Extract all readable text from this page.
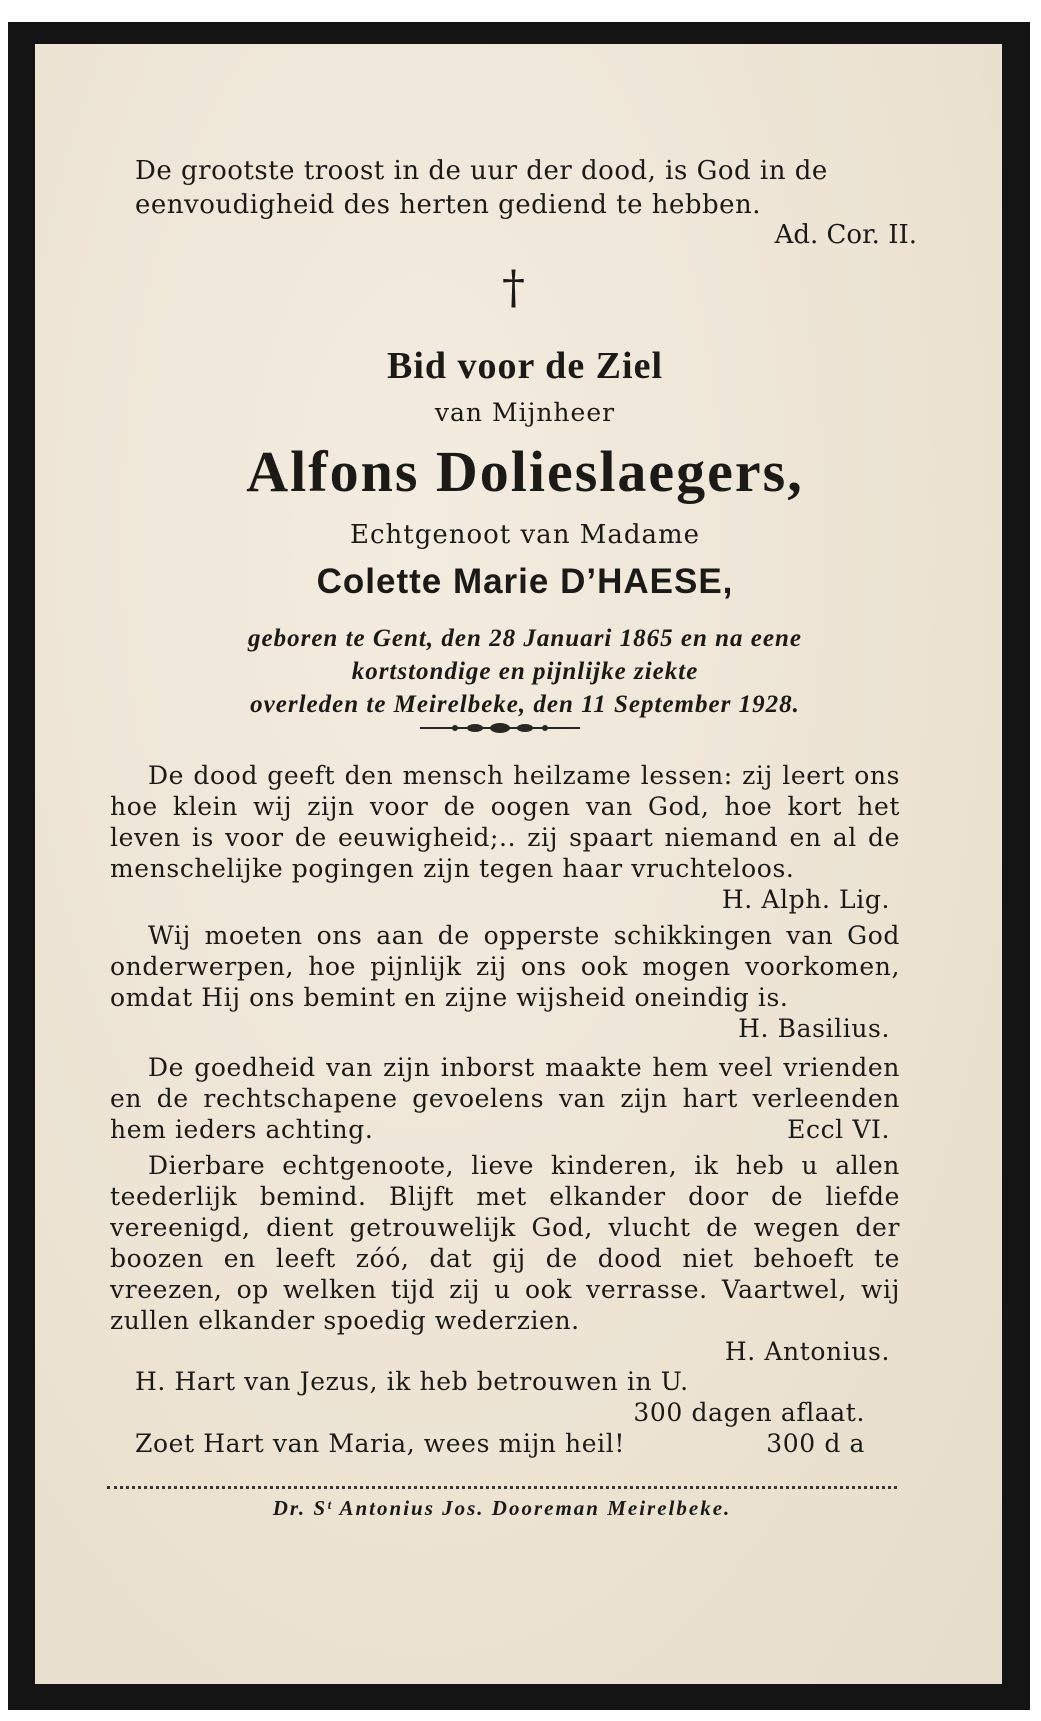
De grootste troost in de uur der dood, is God in de eenvoudigheid des herten gediend te hebben.
Ad. Cor. II.
†
Bid voor de Ziel
van Mijnheer
Alfons Dolieslaegers,
Echtgenoot van Madame
Colette Marie D’HAESE,
geboren te Gent, den 28 Januari 1865 en na eene
kortstondige en pijnlijke ziekte
overleden te Meirelbeke, den 11 September 1928.
De dood geeft den mensch heilzame lessen: zij leert ons hoe klein wij zijn voor de oogen van God, hoe kort het leven is voor de eeuwigheid;.. zij spaart niemand en al de menschelijke pogingen zijn tegen haar vruchteloos.
H. Alph. Lig.
Wij moeten ons aan de opperste schikkingen van God onderwerpen, hoe pijnlijk zij ons ook mogen voorkomen, omdat Hij ons bemint en zijne wijsheid oneindig is.
H. Basilius.
De goedheid van zijn inborst maakte hem veel vrienden en de rechtschapene gevoelens van zijn hart verleenden hem ieders achting.	Eccl VI.
Dierbare echtgenoote, lieve kinderen, ik heb u allen teederlijk bemind. Blijft met elkander door de liefde vereenigd, dient getrouwelijk God, vlucht de wegen der boozen en leeft zóó, dat gij de dood niet behoeft te vreezen, op welken tijd zij u ook verrasse. Vaartwel, wij zullen elkander spoedig wederzien.
H. Antonius.
H. Hart van Jezus, ik heb betrouwen in U.
300 dagen aflaat.
Zoet Hart van Maria, wees mijn heil!	300 d a
Dr. Sᵗ Antonius Jos. Dooreman Meirelbeke.
